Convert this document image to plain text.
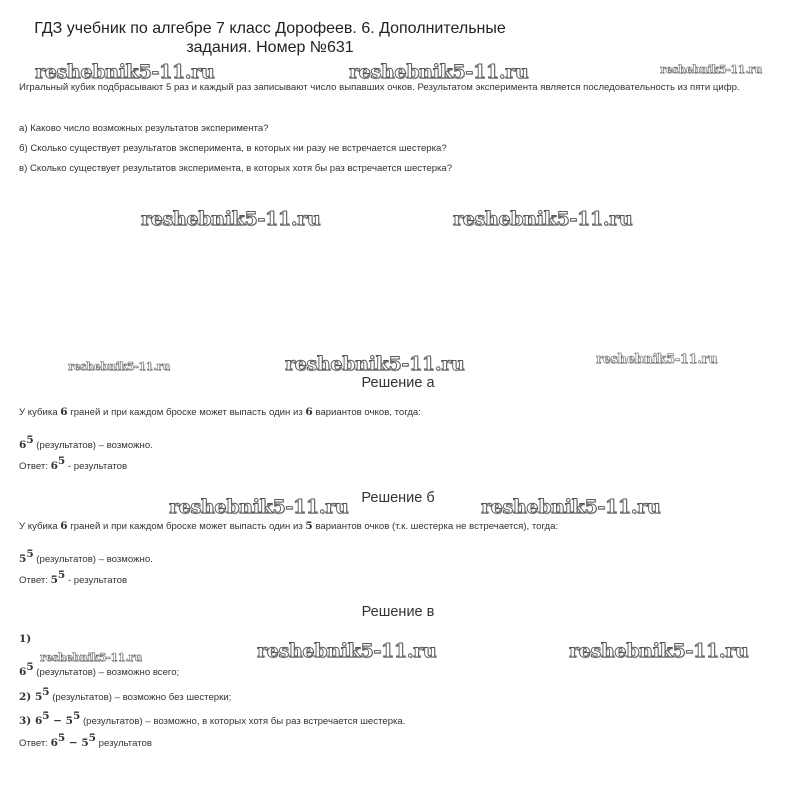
ГДЗ учебник по алгебре 7 класс Дорофеев. 6. Дополнительные
задания. Номер №631
reshebnik5-11.ru	reshebnik5-11.ru	reshebnik5-11.ru
reshebnik5-11.ru	reshebnik5-11.ru
reshebnik5-11.ru	reshebnik5-11.ru	reshebnik5-11.ru
reshebnik5-11.ru	reshebnik5-11.ru
reshebnik5-11.ru	reshebnik5-11.ru	reshebnik5-11.ru
Игральный кубик подбрасывают 5 раз и каждый раз записывают число выпавших очков. Результатом эксперимента является последовательность из пяти цифр.
а) Каково число возможных результатов эксперимента?
б) Сколько существует результатов эксперимента, в которых ни разу не встречается шестерка?
в) Сколько существует результатов эксперимента, в которых хотя бы раз встречается шестерка?
Решение а
У кубика 6 граней и при каждом броске может выпасть один из 6 вариантов очков, тогда:
$6^5$ (результатов) – возможно.
Ответ: $6^5$ - результатов
Решение б
У кубика 6 граней и при каждом броске может выпасть один из 5 вариантов очков (т.к. шестерка не встречается), тогда:
$5^5$ (результатов) – возможно.
Ответ: $5^5$ - результатов
Решение в
1)
$6^5$ (результатов) – возможно всего;
2) $5^5$ (результатов) – возможно без шестерки;
3) $6^5 - 5^5$ (результатов) – возможно, в которых хотя бы раз встречается шестерка.
Ответ: $6^5 - 5^5$ результатов
